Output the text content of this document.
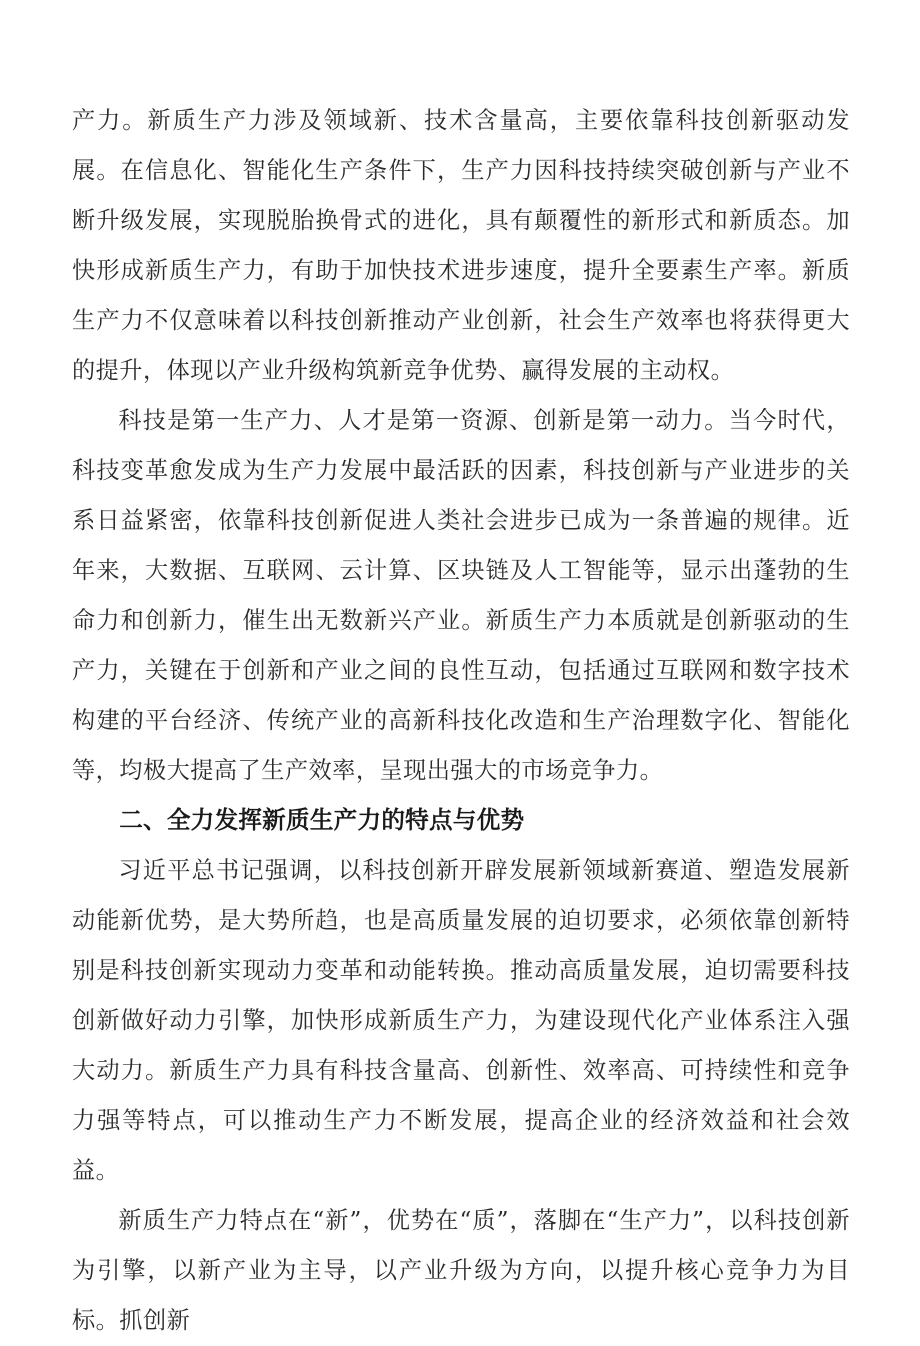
产力。新质生产力涉及领域新、技术含量高，主要依靠科技创新驱动发展。在信息化、智能化生产条件下，生产力因科技持续突破创新与产业不断升级发展，实现脱胎换骨式的进化，具有颠覆性的新形式和新质态。加快形成新质生产力，有助于加快技术进步速度，提升全要素生产率。新质生产力不仅意味着以科技创新推动产业创新，社会生产效率也将获得更大的提升，体现以产业升级构筑新竞争优势、赢得发展的主动权。

科技是第一生产力、人才是第一资源、创新是第一动力。当今时代，科技变革愈发成为生产力发展中最活跃的因素，科技创新与产业进步的关系日益紧密，依靠科技创新促进人类社会进步已成为一条普遍的规律。近年来，大数据、互联网、云计算、区块链及人工智能等，显示出蓬勃的生命力和创新力，催生出无数新兴产业。新质生产力本质就是创新驱动的生产力，关键在于创新和产业之间的良性互动，包括通过互联网和数字技术构建的平台经济、传统产业的高新科技化改造和生产治理数字化、智能化等，均极大提高了生产效率，呈现出强大的市场竞争力。

二、全力发挥新质生产力的特点与优势

习近平总书记强调，以科技创新开辟发展新领域新赛道、塑造发展新动能新优势，是大势所趋，也是高质量发展的迫切要求，必须依靠创新特别是科技创新实现动力变革和动能转换。推动高质量发展，迫切需要科技创新做好动力引擎，加快形成新质生产力，为建设现代化产业体系注入强大动力。新质生产力具有科技含量高、创新性、效率高、可持续性和竞争力强等特点，可以推动生产力不断发展，提高企业的经济效益和社会效益。

新质生产力特点在“新”，优势在“质”，落脚在“生产力”，以科技创新为引擎，以新产业为主导，以产业升级为方向，以提升核心竞争力为目标。抓创新
